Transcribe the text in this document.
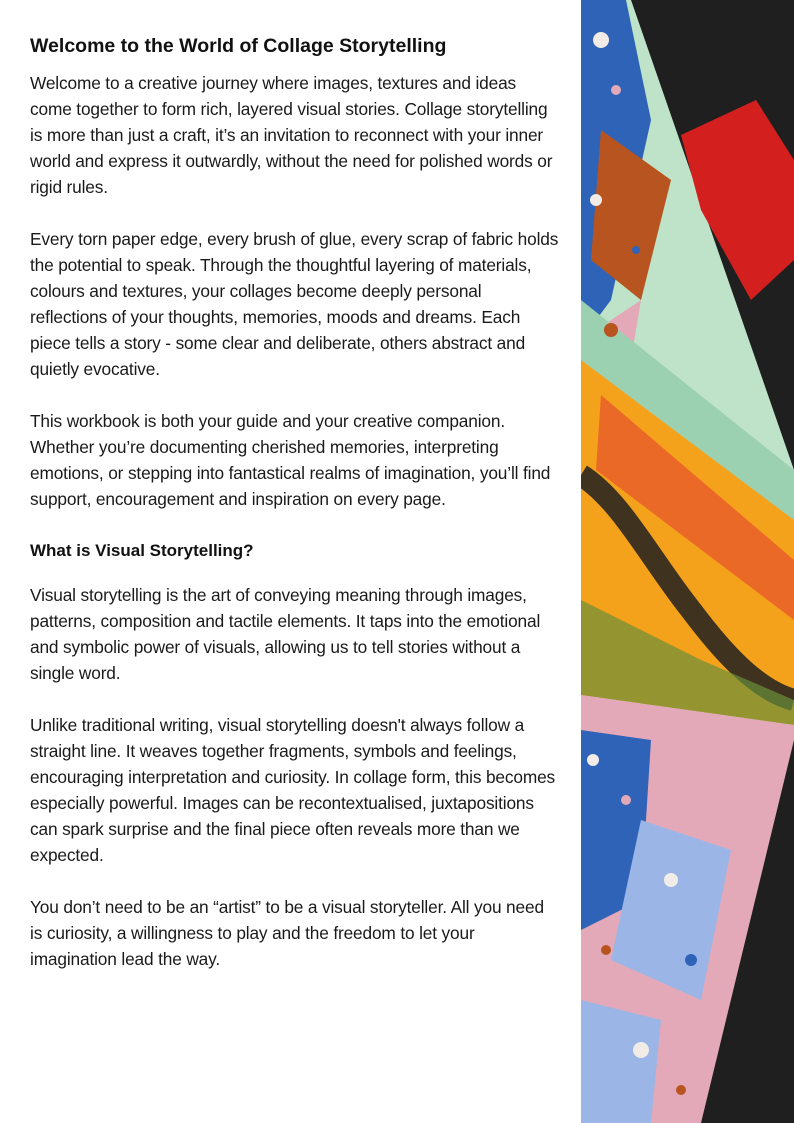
Welcome to the World of Collage Storytelling

Welcome to a creative journey where images, textures and ideas come together to form rich, layered visual stories. Collage storytelling is more than just a craft, it’s an invitation to reconnect with your inner world and express it outwardly, without the need for polished words or rigid rules.

Every torn paper edge, every brush of glue, every scrap of fabric holds the potential to speak. Through the thoughtful layering of materials, colours and textures, your collages become deeply personal reflections of your thoughts, memories, moods and dreams. Each piece tells a story - some clear and deliberate, others abstract and quietly evocative.

This workbook is both your guide and your creative companion. Whether you’re documenting cherished memories, interpreting emotions, or stepping into fantastical realms of imagination, you’ll find support, encouragement and inspiration on every page.

What is Visual Storytelling?

Visual storytelling is the art of conveying meaning through images, patterns, composition and tactile elements. It taps into the emotional and symbolic power of visuals, allowing us to tell stories without a single word.

Unlike traditional writing, visual storytelling doesn't always follow a straight line. It weaves together fragments, symbols and feelings, encouraging interpretation and curiosity. In collage form, this becomes especially powerful. Images can be recontextualised, juxtapositions can spark surprise and the final piece often reveals more than we expected.

You don’t need to be an “artist” to be a visual storyteller. All you need is curiosity, a willingness to play and the freedom to let your imagination lead the way.
